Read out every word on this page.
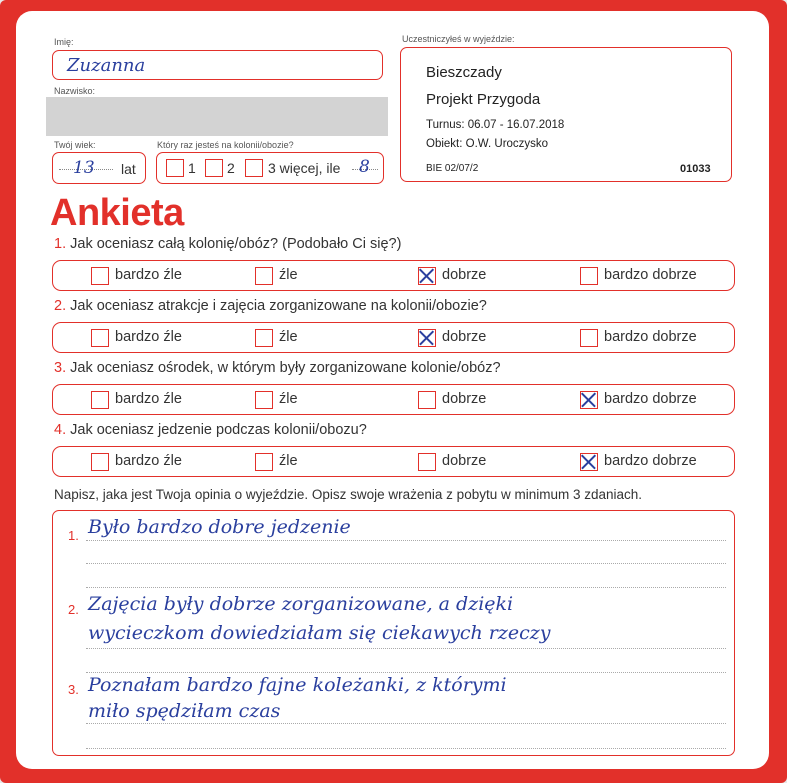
Imię:
Zuzanna
Nazwisko:
Twój wiek:
13 lat
Który raz jesteś na kolonii/obozie?
1 2 3 więcej, ile 8
Uczestniczyłeś w wyjeździe:
Bieszczady
Projekt Przygoda
Turnus: 06.07 - 16.07.2018
Obiekt: O.W. Uroczysko
BIE 02/07/2	01033
Ankieta
1. Jak oceniasz całą kolonię/obóz? (Podobało Ci się?)
bardzo źle	źle	dobrze	bardzo dobrze
2. Jak oceniasz atrakcje i zajęcia zorganizowane na kolonii/obozie?
bardzo źle	źle	dobrze	bardzo dobrze
3. Jak oceniasz ośrodek, w którym były zorganizowane kolonie/obóz?
bardzo źle	źle	dobrze	bardzo dobrze
4. Jak oceniasz jedzenie podczas kolonii/obozu?
bardzo źle	źle	dobrze	bardzo dobrze
Napisz, jaka jest Twoja opinia o wyjeździe. Opisz swoje wrażenia z pobytu w minimum 3 zdaniach.
1. Było bardzo dobre jedzenie
2. Zajęcia były dobrze zorganizowane, a dzięki
wycieczkom dowiedziałam się ciekawych rzeczy
3. Poznałam bardzo fajne koleżanki, z którymi
miło spędziłam czas
